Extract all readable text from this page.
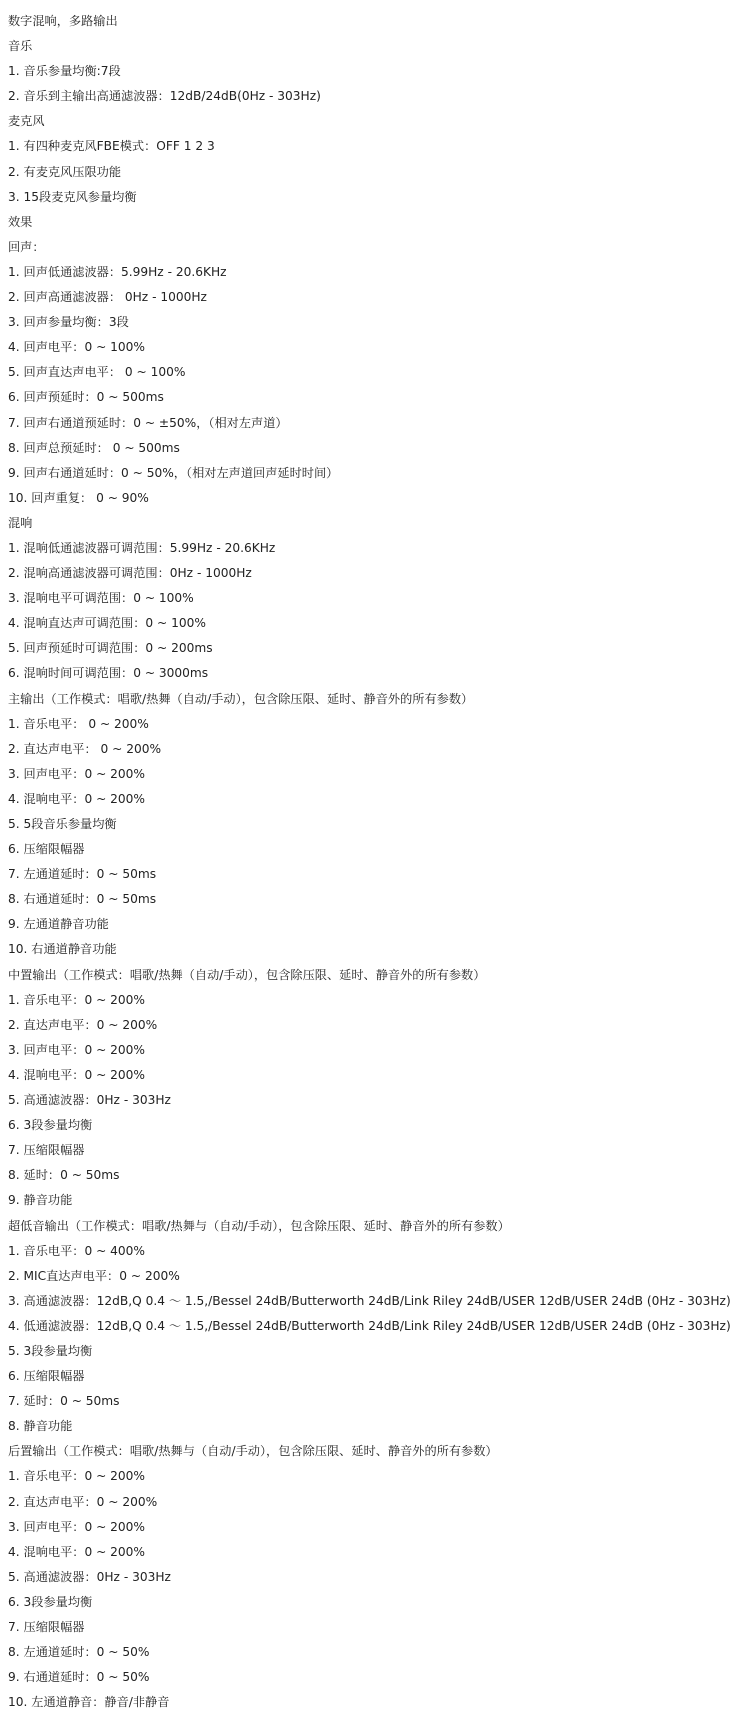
数字混响，多路输出
音乐
1. 音乐参量均衡:7段
2. 音乐到主输出高通滤波器：12dB/24dB(0Hz - 303Hz)
麦克风
1. 有四种麦克风FBE模式：OFF 1 2 3
2. 有麦克风压限功能
3. 15段麦克风参量均衡
效果
回声：
1. 回声低通滤波器：5.99Hz - 20.6KHz
2. 回声高通滤波器： 0Hz - 1000Hz
3. 回声参量均衡：3段
4. 回声电平：0 ~ 100%
5. 回声直达声电平： 0 ~ 100%
6. 回声预延时：0 ~ 500ms
7. 回声右通道预延时：0 ~ ±50%，（相对左声道）
8. 回声总预延时： 0 ~ 500ms
9. 回声右通道延时：0 ~ 50%，（相对左声道回声延时时间）
10. 回声重复： 0 ~ 90%
混响
1. 混响低通滤波器可调范围：5.99Hz - 20.6KHz
2. 混响高通滤波器可调范围：0Hz - 1000Hz
3. 混响电平可调范围：0 ~ 100%
4. 混响直达声可调范围：0 ~ 100%
5. 回声预延时可调范围：0 ~ 200ms
6. 混响时间可调范围：0 ~ 3000ms
主输出（工作模式：唱歌/热舞（自动/手动），包含除压限、延时、静音外的所有参数）
1. 音乐电平： 0 ~ 200%
2. 直达声电平： 0 ~ 200%
3. 回声电平：0 ~ 200%
4. 混响电平：0 ~ 200%
5. 5段音乐参量均衡
6. 压缩限幅器
7. 左通道延时：0 ~ 50ms
8. 右通道延时：0 ~ 50ms
9. 左通道静音功能
10. 右通道静音功能
中置输出（工作模式：唱歌/热舞（自动/手动），包含除压限、延时、静音外的所有参数）
1. 音乐电平：0 ~ 200%
2. 直达声电平：0 ~ 200%
3. 回声电平：0 ~ 200%
4. 混响电平：0 ~ 200%
5. 高通滤波器：0Hz - 303Hz
6. 3段参量均衡
7. 压缩限幅器
8. 延时：0 ~ 50ms
9. 静音功能
超低音输出（工作模式：唱歌/热舞与（自动/手动），包含除压限、延时、静音外的所有参数）
1. 音乐电平：0 ~ 400%
2. MIC直达声电平：0 ~ 200%
3. 高通滤波器：12dB,Q 0.4 ～ 1.5,/Bessel 24dB/Butterworth 24dB/Link Riley 24dB/USER 12dB/USER 24dB (0Hz - 303Hz)
4. 低通滤波器：12dB,Q 0.4 ～ 1.5,/Bessel 24dB/Butterworth 24dB/Link Riley 24dB/USER 12dB/USER 24dB (0Hz - 303Hz)
5. 3段参量均衡
6. 压缩限幅器
7. 延时：0 ~ 50ms
8. 静音功能
后置输出（工作模式：唱歌/热舞与（自动/手动），包含除压限、延时、静音外的所有参数）
1. 音乐电平：0 ~ 200%
2. 直达声电平：0 ~ 200%
3. 回声电平：0 ~ 200%
4. 混响电平：0 ~ 200%
5. 高通滤波器：0Hz - 303Hz
6. 3段参量均衡
7. 压缩限幅器
8. 左通道延时：0 ~ 50%
9. 右通道延时：0 ~ 50%
10. 左通道静音：静音/非静音
